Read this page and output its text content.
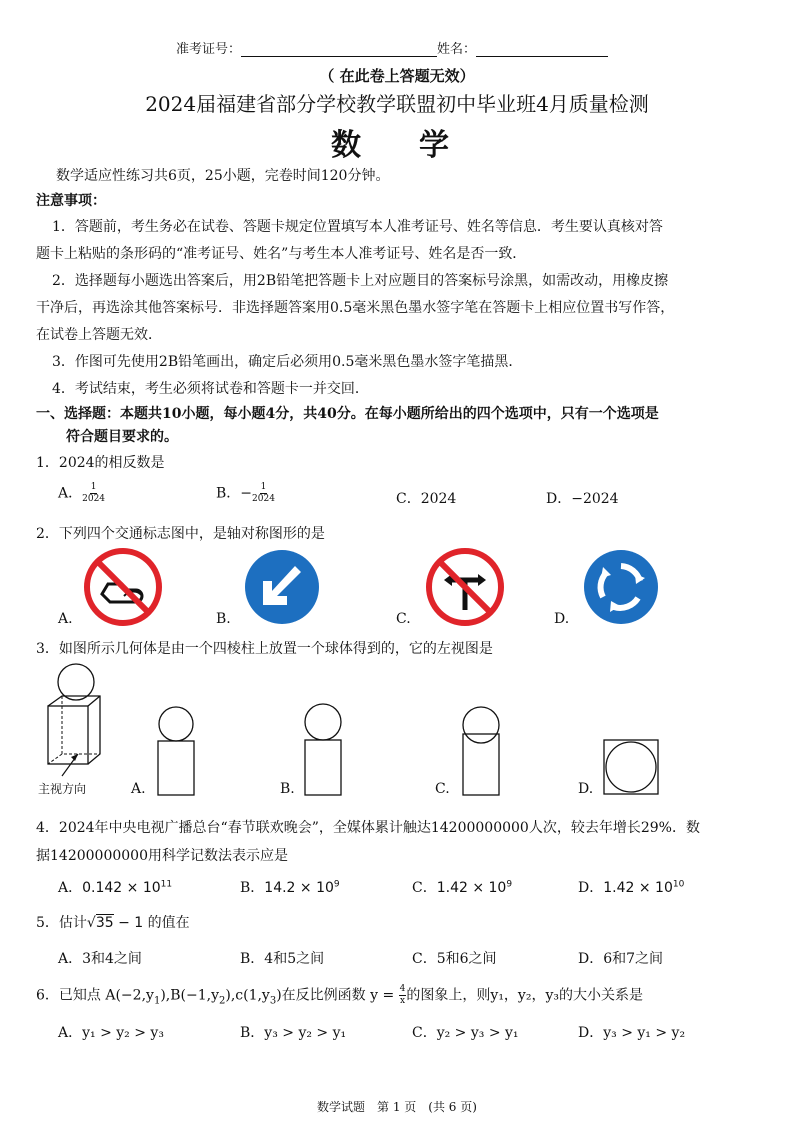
准考证号：	姓名：
（ 在此卷上答题无效）
2024届福建省部分学校教学联盟初中毕业班4月质量检测
数　学
数学适应性练习共6页，25小题，完卷时间120分钟。
注意事项：
1．答题前，考生务必在试卷、答题卡规定位置填写本人准考证号、姓名等信息．考生要认真核对答
题卡上粘贴的条形码的“准考证号、姓名”与考生本人准考证号、姓名是否一致．
2．选择题每小题选出答案后，用2B铅笔把答题卡上对应题目的答案标号涂黑，如需改动，用橡皮擦
干净后，再选涂其他答案标号．非选择题答案用0.5毫米黑色墨水签字笔在答题卡上相应位置书写作答，
在试卷上答题无效．
3．作图可先使用2B铅笔画出，确定后必须用0.5毫米黑色墨水签字笔描黑．
4．考试结束，考生必须将试卷和答题卡一并交回．
一、选择题：本题共10小题，每小题4分，共40分。在每小题所给出的四个选项中，只有一个选项是
符合题目要求的。
1．2024的相反数是
A． $\frac{1}{2024}$	B．− $\frac{1}{2024}$	C．2024	D．−2024
2．下列四个交通标志图中，是轴对称图形的是
A.	B.	C.	D.
3．如图所示几何体是由一个四棱柱上放置一个球体得到的，它的左视图是
主视方向	A.	B.	C.	D.
4．2024年中央电视广播总台“春节联欢晚会”，全媒体累计触达14200000000人次，较去年增长29%．数
据14200000000用科学记数法表示应是
A．$0.142 \times 10^{11}$	B．$14.2 \times 10^9$	C．$1.42 \times 10^9$	D．$1.42 \times 10^{10}$
5．估计√35 − 1 的值在
A．3和4之间	B．4和5之间	C．5和6之间	D．6和7之间
6．已知点 $A(-2,y_1),B(-1,y_2),c(1,y_3)$在反比例函数 $y = \frac{4}{x}$ 的图象上，则y₁，y₂，y₃的大小关系是
A．y₁ > y₂ > y₃	B．y₃ > y₂ > y₁	C．y₂ > y₃ > y₁	D．y₃ > y₁ > y₂
数学试题　第 1 页　(共 6 页)
